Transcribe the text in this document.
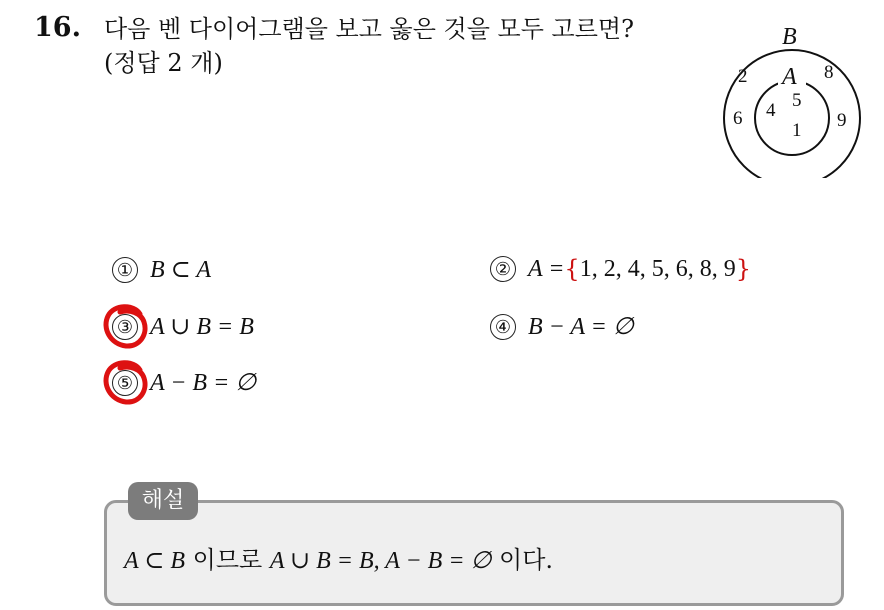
16. 다음 벤 다이어그램을 보고 옳은 것을 모두 고르면?
(정답 2 개)
B
A
2	8
6	9
4 5
1
① B ⊂ A	② A = { 1, 2, 4, 5, 6, 8, 9 }
③ A ∪ B = B	④ B − A = ∅
⑤ A − B = ∅
해설
A ⊂ B 이므로 A ∪ B = B, A − B = ∅ 이다.
